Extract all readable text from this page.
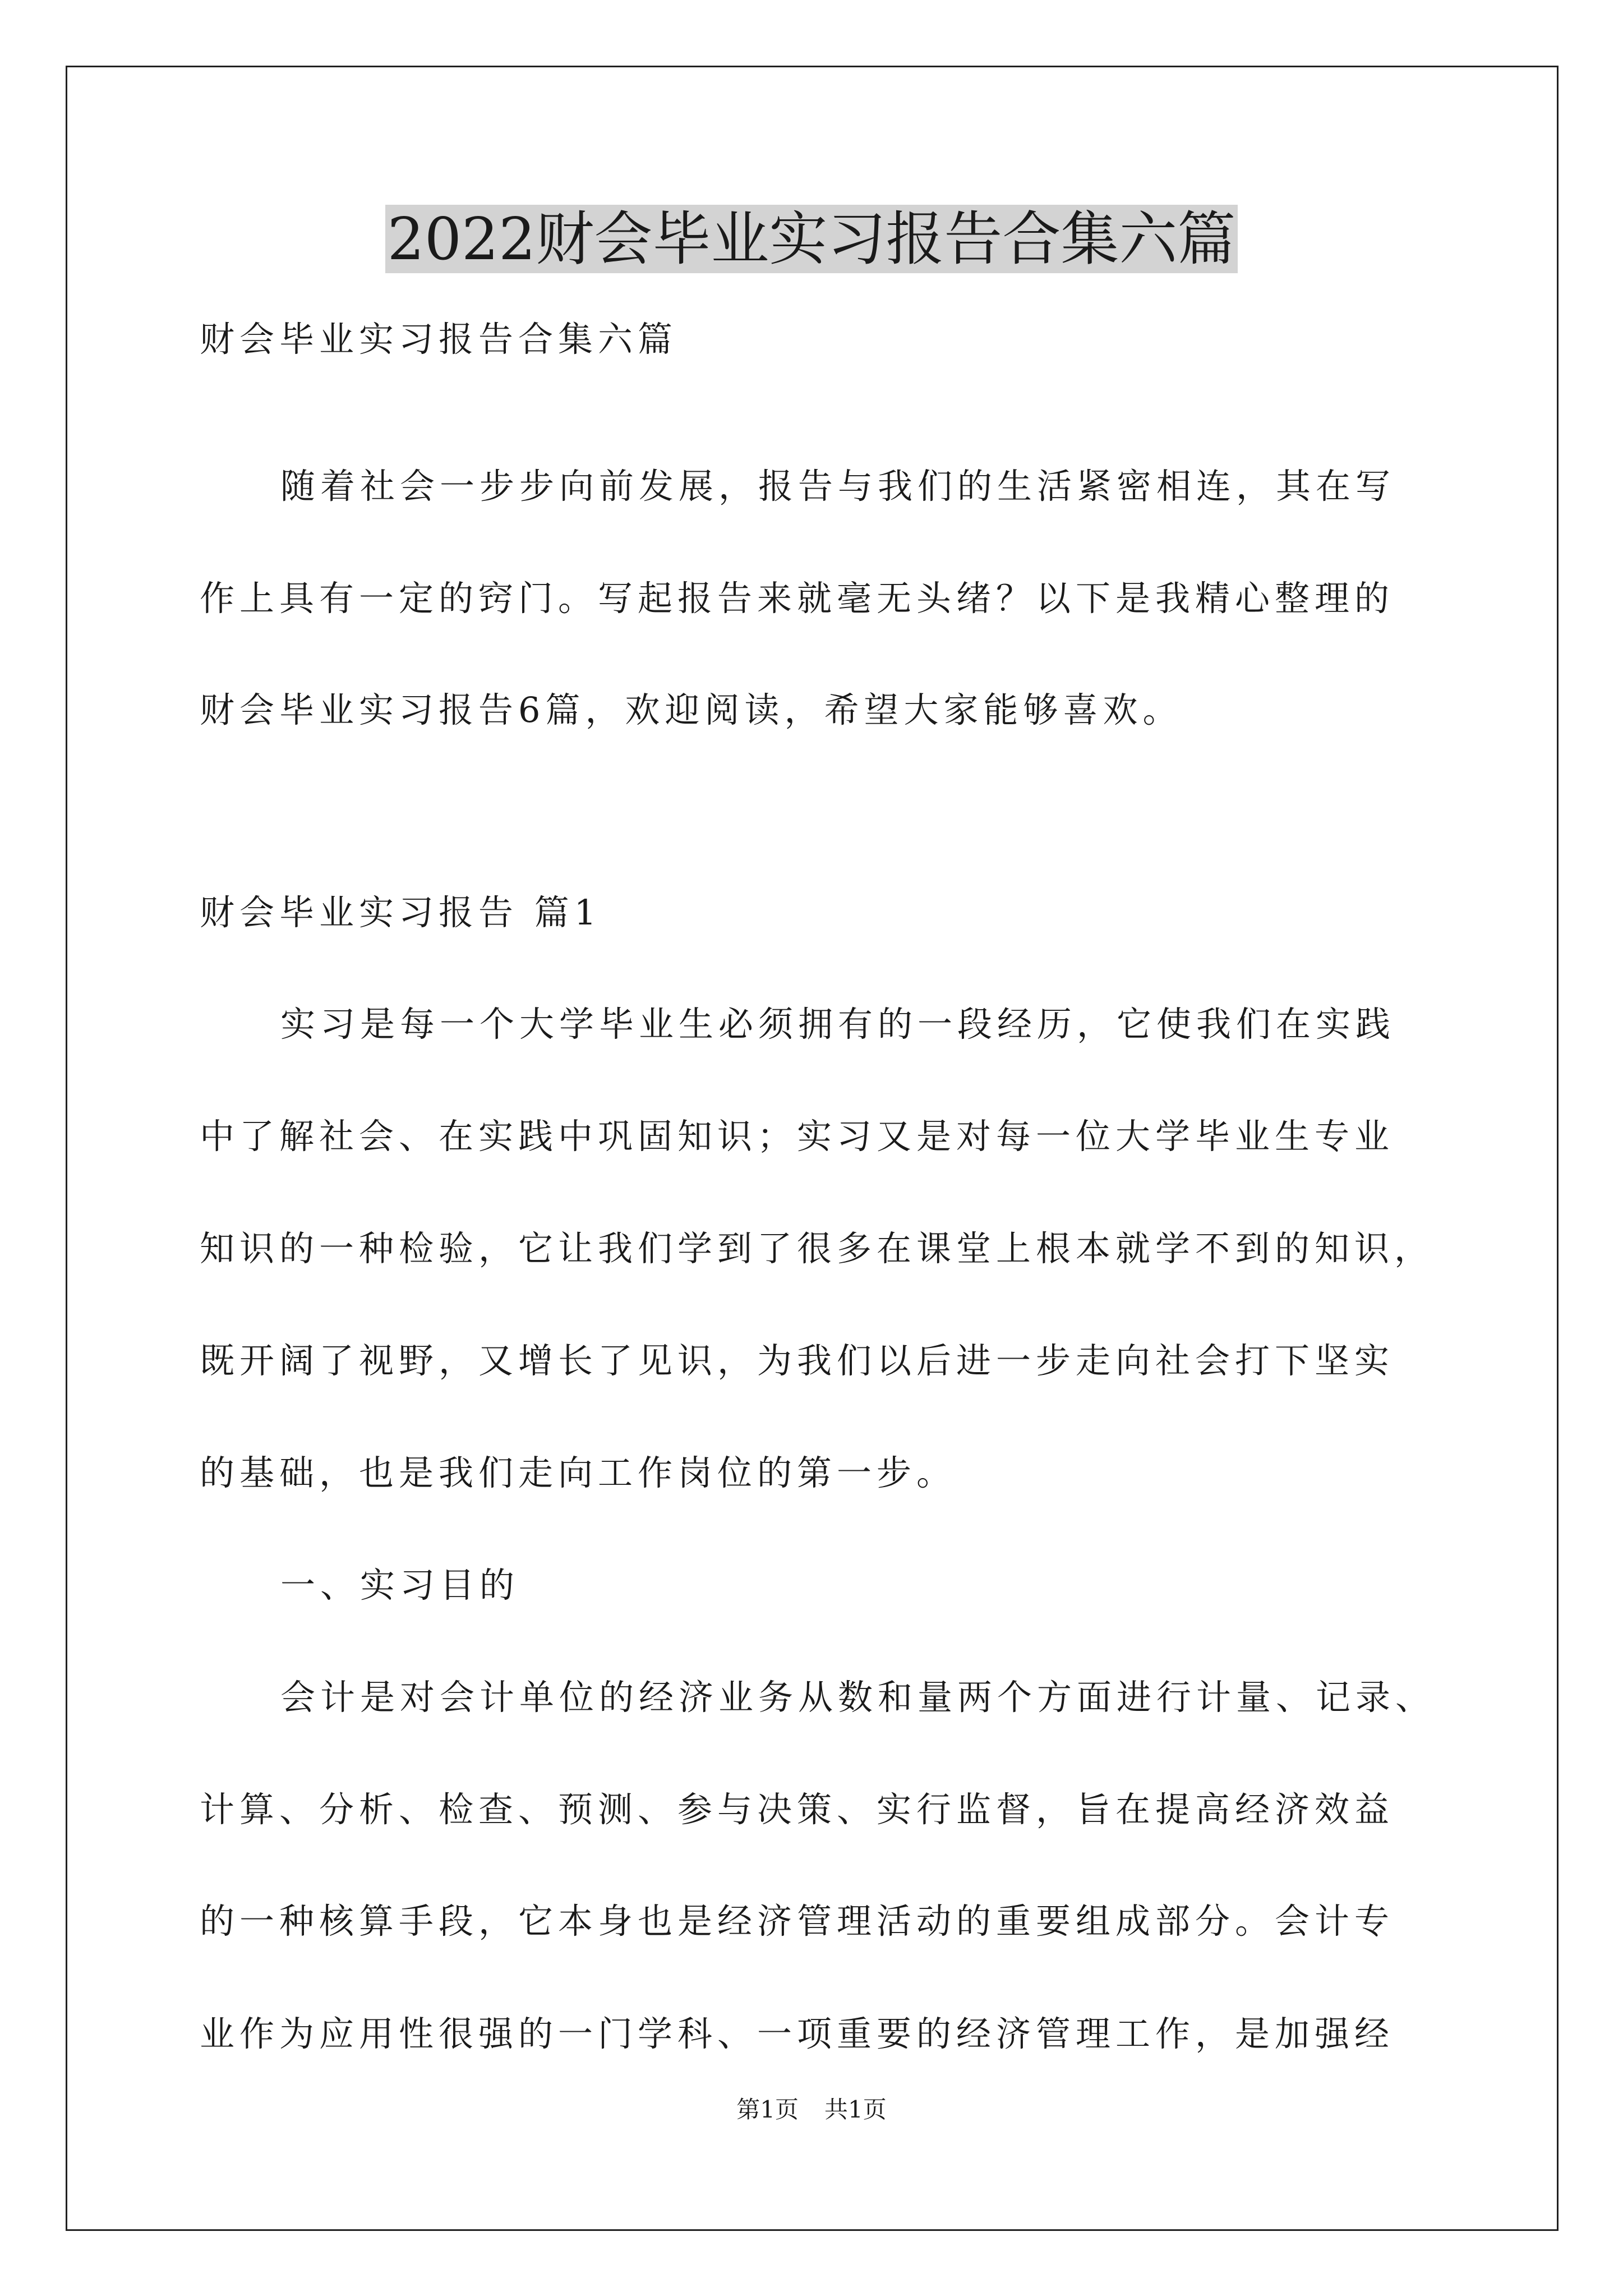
2022财会毕业实习报告合集六篇

财会毕业实习报告合集六篇

随着社会一步步向前发展，报告与我们的生活紧密相连，其在写

作上具有一定的窍门。写起报告来就毫无头绪？以下是我精心整理的

财会毕业实习报告6篇，欢迎阅读，希望大家能够喜欢。

财会毕业实习报告 篇1

实习是每一个大学毕业生必须拥有的一段经历，它使我们在实践

中了解社会、在实践中巩固知识；实习又是对每一位大学毕业生专业

知识的一种检验，它让我们学到了很多在课堂上根本就学不到的知识，

既开阔了视野，又增长了见识，为我们以后进一步走向社会打下坚实

的基础，也是我们走向工作岗位的第一步。

一、实习目的

会计是对会计单位的经济业务从数和量两个方面进行计量、记录、

计算、分析、检查、预测、参与决策、实行监督，旨在提高经济效益

的一种核算手段，它本身也是经济管理活动的重要组成部分。会计专

业作为应用性很强的一门学科、一项重要的经济管理工作，是加强经

第1页 共1页
